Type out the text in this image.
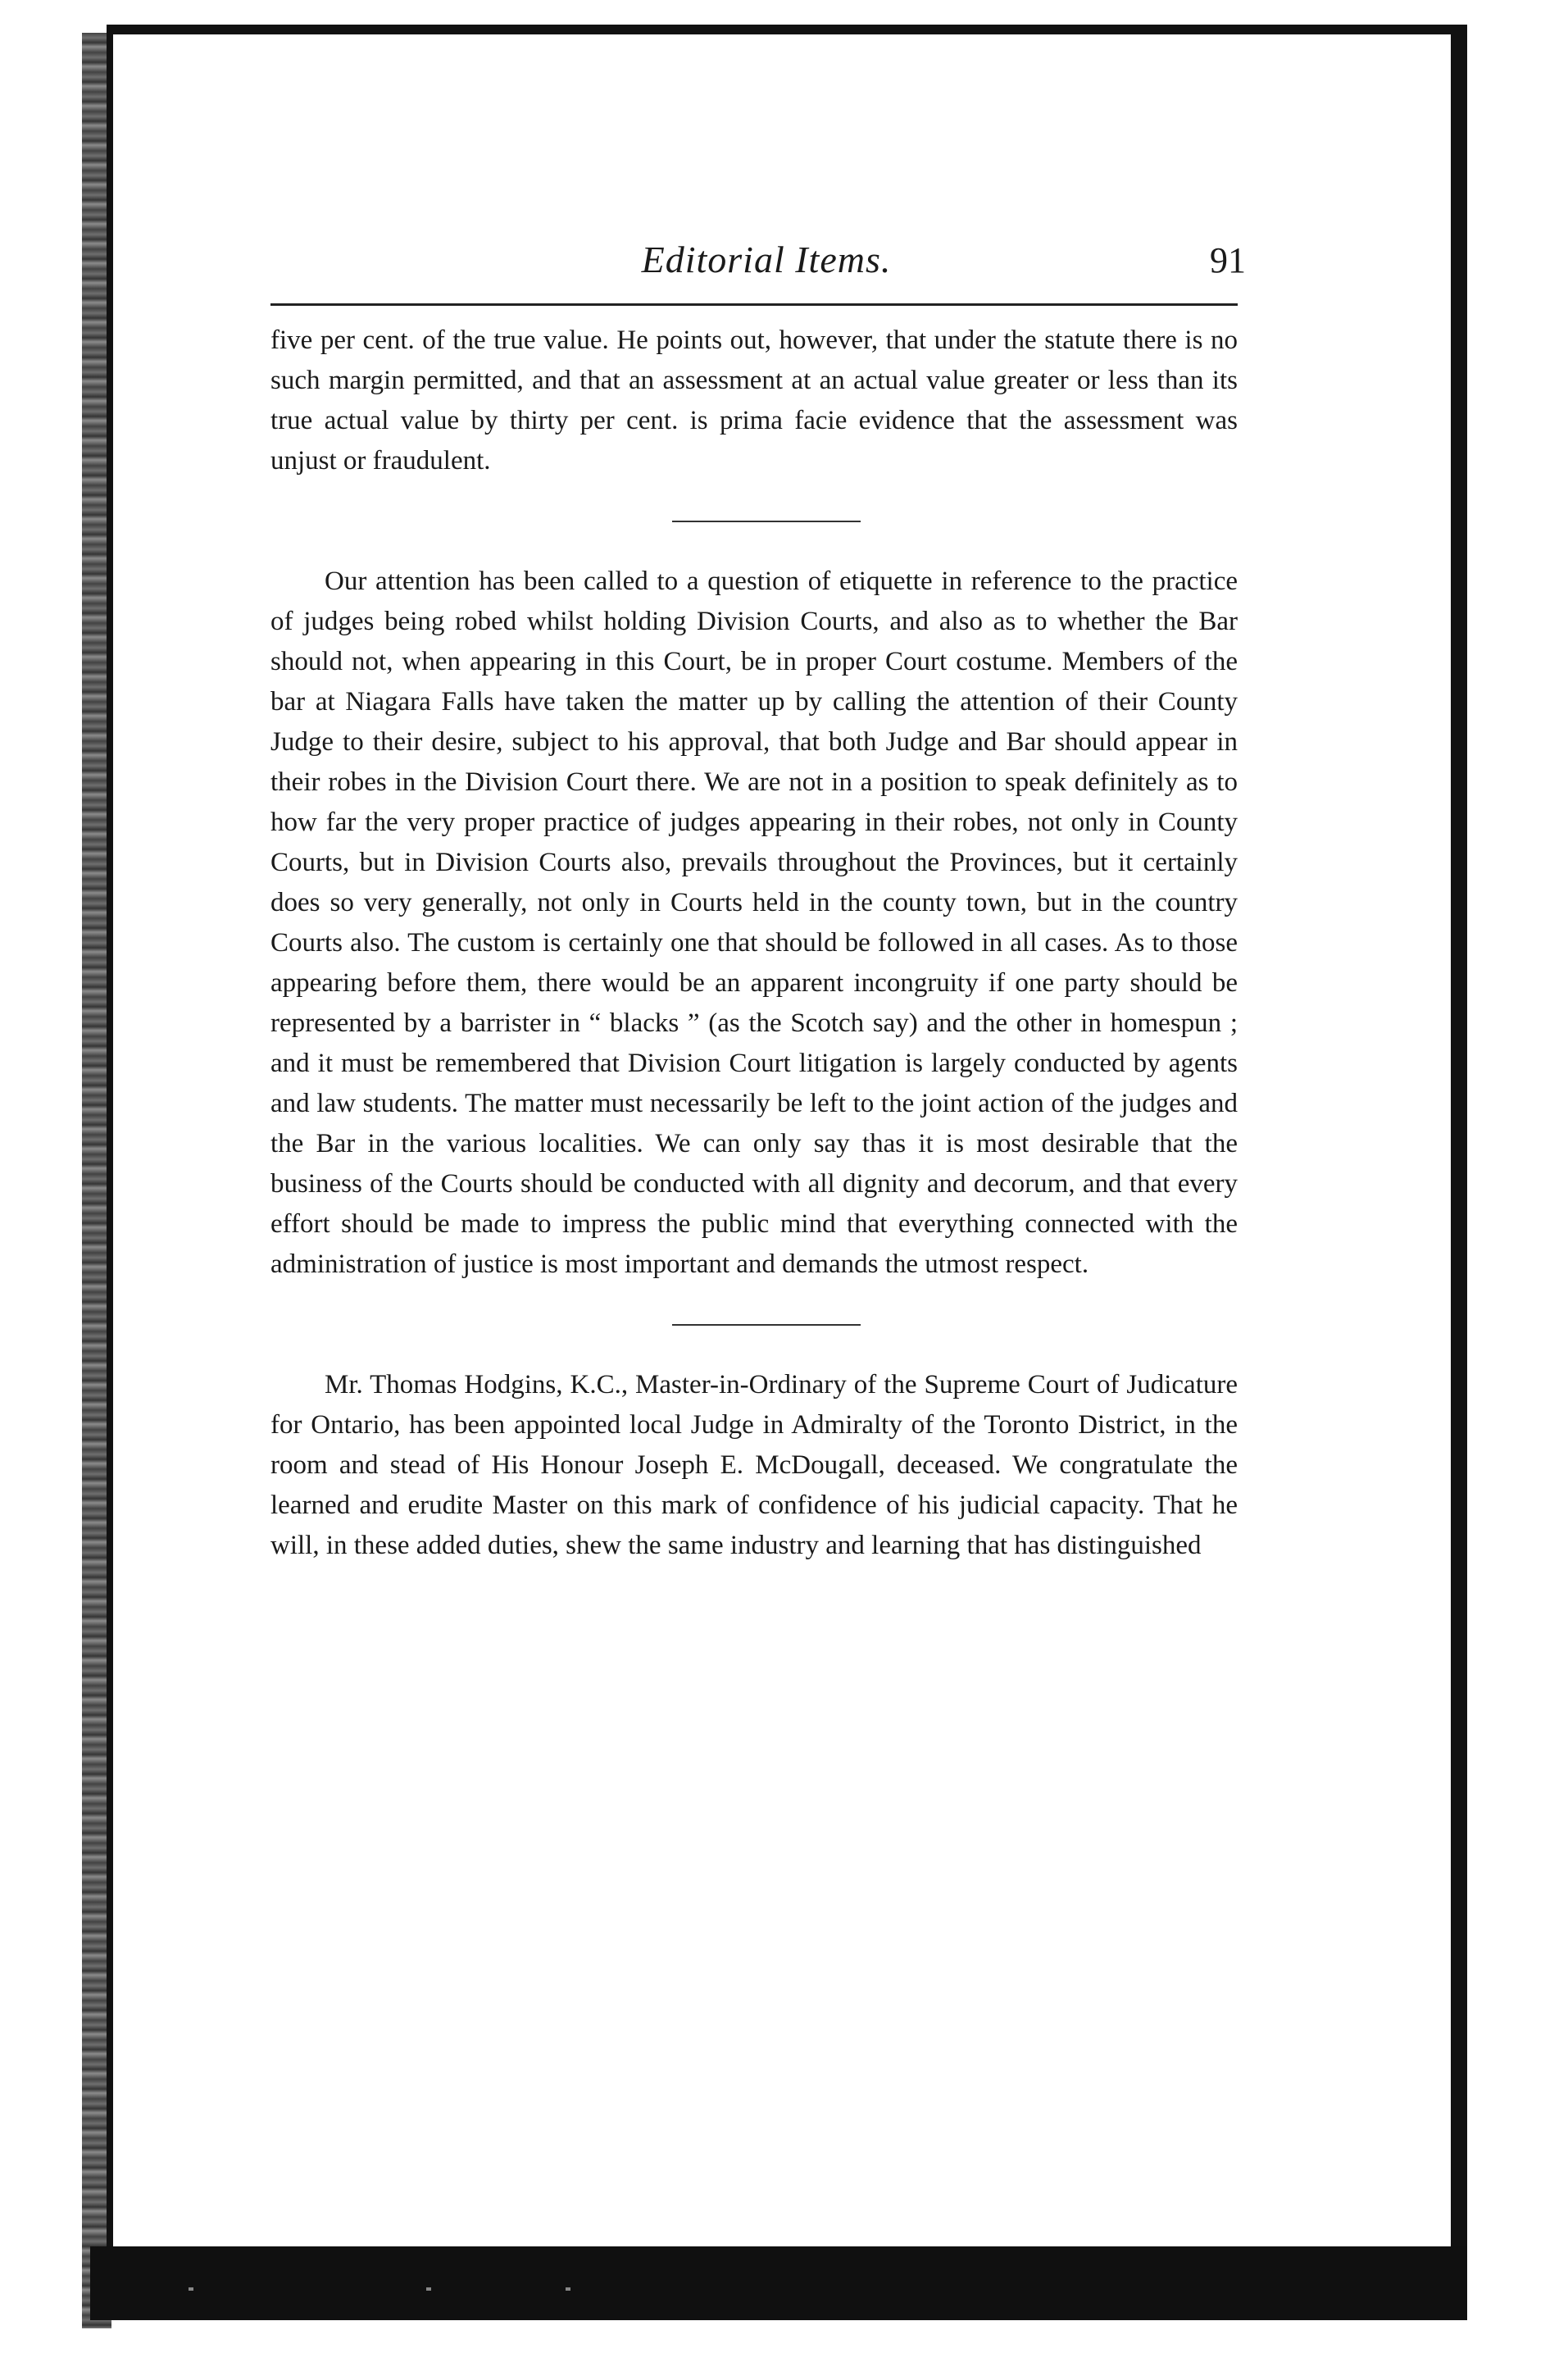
Editorial Items.	91

five per cent. of the true value. He points out, however, that under the statute there is no such margin permitted, and that an assessment at an actual value greater or less than its true actual value by thirty per cent. is prima facie evidence that the assessment was unjust or fraudulent.

Our attention has been called to a question of etiquette in reference to the practice of judges being robed whilst holding Division Courts, and also as to whether the Bar should not, when appearing in this Court, be in proper Court costume. Members of the bar at Niagara Falls have taken the matter up by calling the attention of their County Judge to their desire, subject to his approval, that both Judge and Bar should appear in their robes in the Division Court there. We are not in a position to speak definitely as to how far the very proper practice of judges appearing in their robes, not only in County Courts, but in Division Courts also, prevails throughout the Provinces, but it certainly does so very generally, not only in Courts held in the county town, but in the country Courts also. The custom is certainly one that should be followed in all cases. As to those appearing before them, there would be an apparent incongruity if one party should be represented by a barrister in “ blacks ” (as the Scotch say) and the other in homespun ; and it must be remembered that Division Court litigation is largely conducted by agents and law students. The matter must necessarily be left to the joint action of the judges and the Bar in the various localities. We can only say thas it is most desirable that the business of the Courts should be conducted with all dignity and decorum, and that every effort should be made to impress the public mind that everything connected with the administration of justice is most important and demands the utmost respect.

Mr. Thomas Hodgins, K.C., Master-in-Ordinary of the Supreme Court of Judicature for Ontario, has been appointed local Judge in Admiralty of the Toronto District, in the room and stead of His Honour Joseph E. McDougall, deceased. We congratulate the learned and erudite Master on this mark of confidence of his judicial capacity. That he will, in these added duties, shew the same industry and learning that has distinguished
